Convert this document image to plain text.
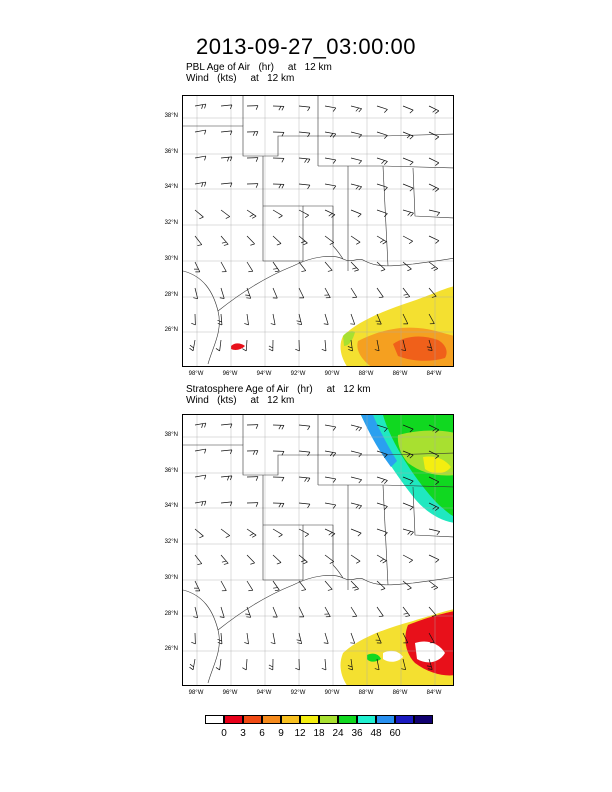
2013-09-27_03:00:00
PBL Age of Air   (hr)     at   12 km
Wind   (kts)     at   12 km
Stratosphere Age of Air   (hr)     at   12 km
Wind   (kts)     at   12 km
38°N
36°N
34°N
32°N
30°N
28°N
26°N
98°W	96°W	94°W	92°W	90°W	88°W	86°W	84°W
38°N
36°N
34°N
32°N
30°N
28°N
26°N
98°W	96°W	94°W	92°W	90°W	88°W	86°W	84°W
0	3	6	9	12 18 24 36 48 60
